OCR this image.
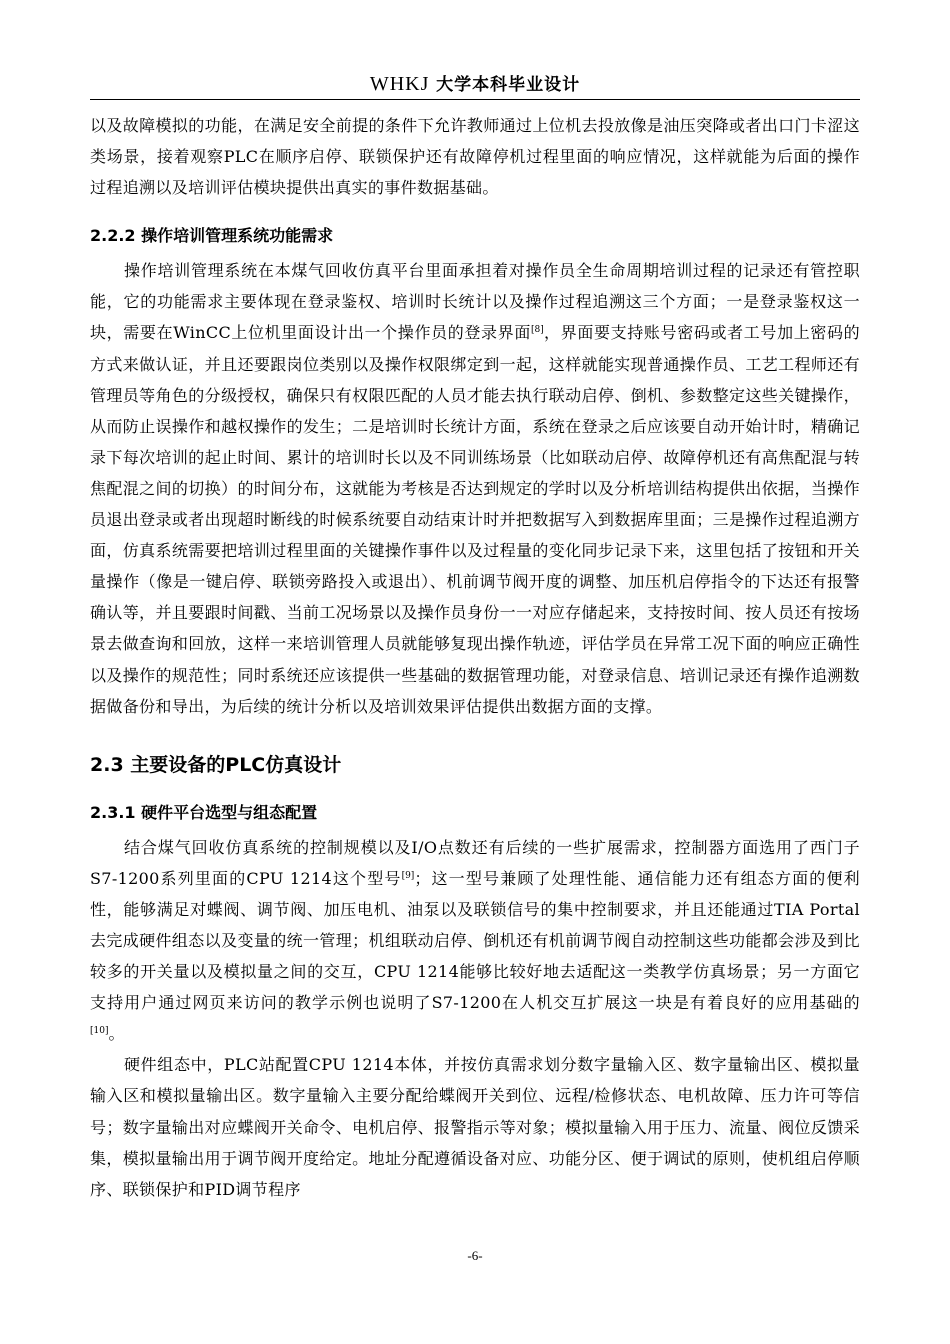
WHKJ 大学本科毕业设计

以及故障模拟的功能，在满足安全前提的条件下允许教师通过上位机去投放像是油压突降或者出口门卡涩这类场景，接着观察PLC在顺序启停、联锁保护还有故障停机过程里面的响应情况，这样就能为后面的操作过程追溯以及培训评估模块提供出真实的事件数据基础。

2.2.2 操作培训管理系统功能需求

操作培训管理系统在本煤气回收仿真平台里面承担着对操作员全生命周期培训过程的记录还有管控职能，它的功能需求主要体现在登录鉴权、培训时长统计以及操作过程追溯这三个方面；一是登录鉴权这一块，需要在WinCC上位机里面设计出一个操作员的登录界面[8]，界面要支持账号密码或者工号加上密码的方式来做认证，并且还要跟岗位类别以及操作权限绑定到一起，这样就能实现普通操作员、工艺工程师还有管理员等角色的分级授权，确保只有权限匹配的人员才能去执行联动启停、倒机、参数整定这些关键操作，从而防止误操作和越权操作的发生；二是培训时长统计方面，系统在登录之后应该要自动开始计时，精确记录下每次培训的起止时间、累计的培训时长以及不同训练场景（比如联动启停、故障停机还有高焦配混与转焦配混之间的切换）的时间分布，这就能为考核是否达到规定的学时以及分析培训结构提供出依据，当操作员退出登录或者出现超时断线的时候系统要自动结束计时并把数据写入到数据库里面；三是操作过程追溯方面，仿真系统需要把培训过程里面的关键操作事件以及过程量的变化同步记录下来，这里包括了按钮和开关量操作（像是一键启停、联锁旁路投入或退出）、机前调节阀开度的调整、加压机启停指令的下达还有报警确认等，并且要跟时间戳、当前工况场景以及操作员身份一一对应存储起来，支持按时间、按人员还有按场景去做查询和回放，这样一来培训管理人员就能够复现出操作轨迹，评估学员在异常工况下面的响应正确性以及操作的规范性；同时系统还应该提供一些基础的数据管理功能，对登录信息、培训记录还有操作追溯数据做备份和导出，为后续的统计分析以及培训效果评估提供出数据方面的支撑。

2.3 主要设备的PLC仿真设计
2.3.1 硬件平台选型与组态配置

结合煤气回收仿真系统的控制规模以及I/O点数还有后续的一些扩展需求，控制器方面选用了西门子S7-1200系列里面的CPU 1214这个型号[9]；这一型号兼顾了处理性能、通信能力还有组态方面的便利性，能够满足对蝶阀、调节阀、加压电机、油泵以及联锁信号的集中控制要求，并且还能通过TIA Portal去完成硬件组态以及变量的统一管理；机组联动启停、倒机还有机前调节阀自动控制这些功能都会涉及到比较多的开关量以及模拟量之间的交互，CPU 1214能够比较好地去适配这一类教学仿真场景；另一方面它支持用户通过网页来访问的教学示例也说明了S7-1200在人机交互扩展这一块是有着良好的应用基础的[10]。

硬件组态中，PLC站配置CPU 1214本体，并按仿真需求划分数字量输入区、数字量输出区、模拟量输入区和模拟量输出区。数字量输入主要分配给蝶阀开关到位、远程/检修状态、电机故障、压力许可等信号；数字量输出对应蝶阀开关命令、电机启停、报警指示等对象；模拟量输入用于压力、流量、阀位反馈采集，模拟量输出用于调节阀开度给定。地址分配遵循设备对应、功能分区、便于调试的原则，使机组启停顺序、联锁保护和PID调节程序

-6-
